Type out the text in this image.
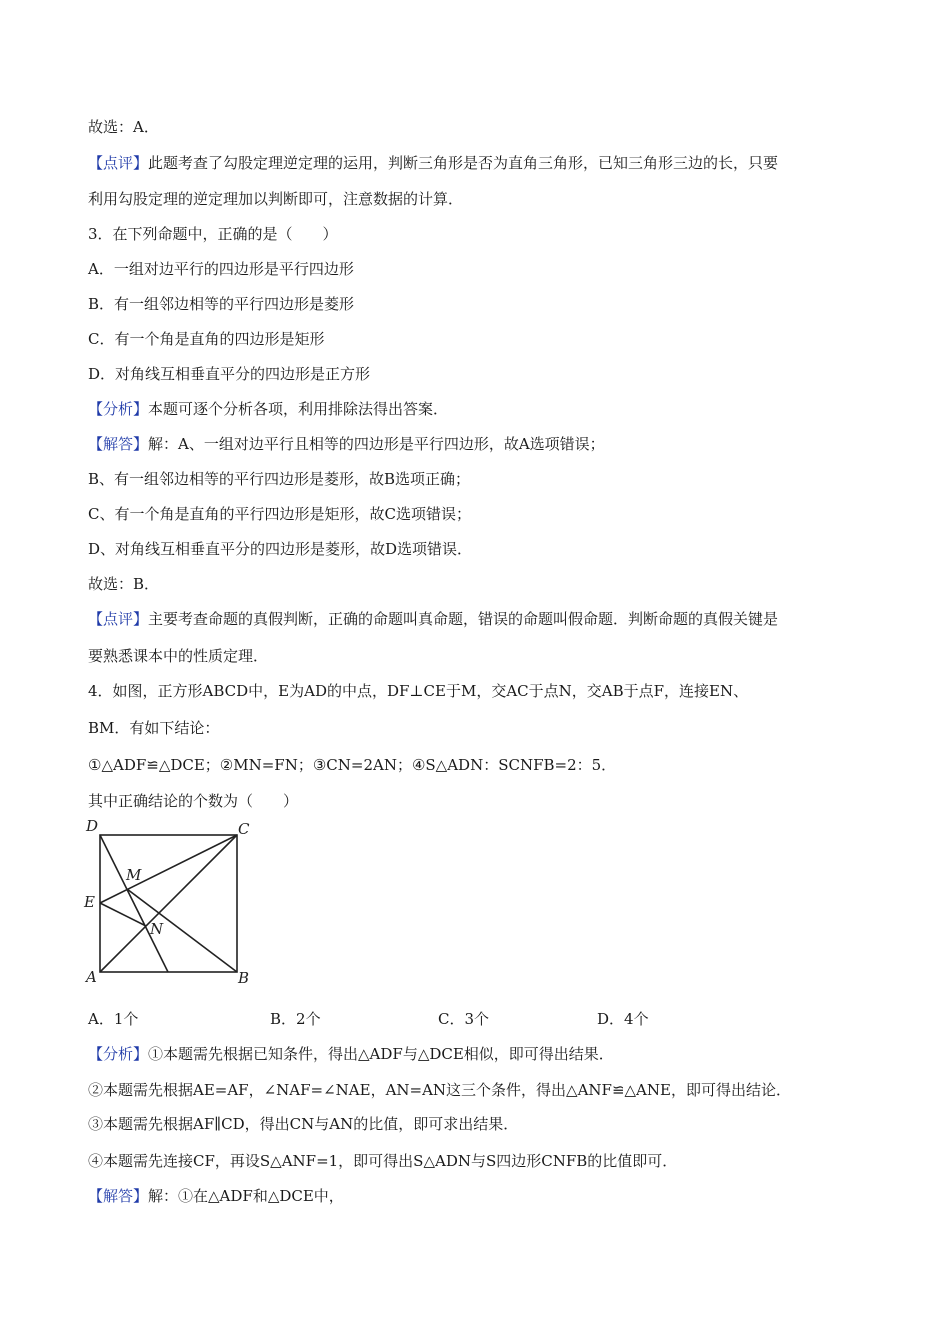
故选：A．
【点评】此题考查了勾股定理逆定理的运用，判断三角形是否为直角三角形，已知三角形三边的长，只要
利用勾股定理的逆定理加以判断即可，注意数据的计算．
3．在下列命题中，正确的是（　　）
A．一组对边平行的四边形是平行四边形
B．有一组邻边相等的平行四边形是菱形
C．有一个角是直角的四边形是矩形
D．对角线互相垂直平分的四边形是正方形
【分析】本题可逐个分析各项，利用排除法得出答案．
【解答】解：A、一组对边平行且相等的四边形是平行四边形，故A选项错误；
B、有一组邻边相等的平行四边形是菱形，故B选项正确；
C、有一个角是直角的平行四边形是矩形，故C选项错误；
D、对角线互相垂直平分的四边形是菱形，故D选项错误．
故选：B．
【点评】主要考查命题的真假判断，正确的命题叫真命题，错误的命题叫假命题．判断命题的真假关键是
要熟悉课本中的性质定理．
4．如图，正方形ABCD中，E为AD的中点，DF⊥CE于M，交AC于点N，交AB于点F，连接EN、
BM．有如下结论：
①△ADF≌△DCE；②MN=FN；③CN=2AN；④S△ADN：SCNFB=2：5．
其中正确结论的个数为（　　）
D	C
E
M
N
A	B
A．1个	B．2个	C．3个	D．4个
【分析】①本题需先根据已知条件，得出△ADF与△DCE相似，即可得出结果．
②本题需先根据AE=AF，∠NAF=∠NAE，AN=AN这三个条件，得出△ANF≌△ANE，即可得出结论．
③本题需先根据AF∥CD，得出CN与AN的比值，即可求出结果．
④本题需先连接CF，再设S△ANF=1，即可得出S△ADN与S四边形CNFB的比值即可．
【解答】解：①在△ADF和△DCE中，
